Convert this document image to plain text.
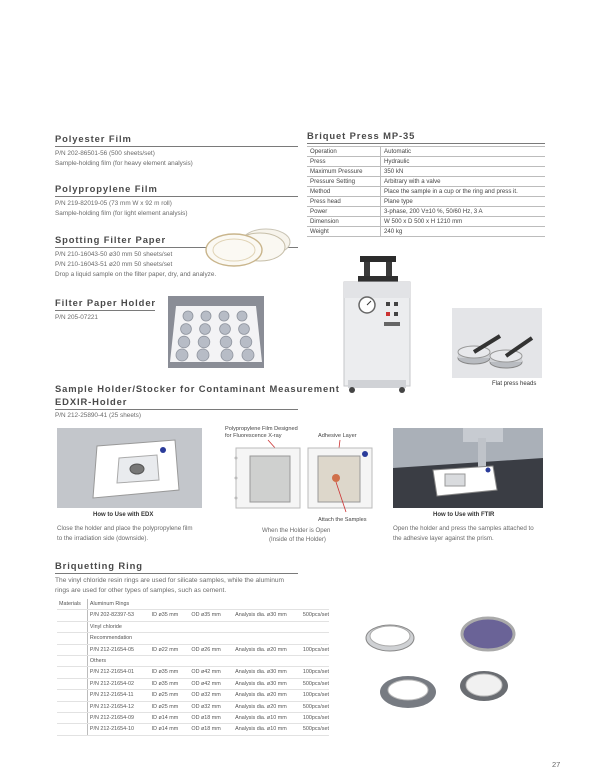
Polyester Film
P/N 202-86501-56 (500 sheets/set)
Sample-holding film (for heavy element analysis)
Polypropylene Film
P/N 219-82019-05 (73 mm W x 92 m roll)
Sample-holding film (for light element analysis)
Spotting Filter Paper
P/N 210-16043-50 ø30 mm 50 sheets/set
P/N 210-16043-51 ø20 mm 50 sheets/set
Drop a liquid sample on the filter paper, dry, and analyze.
Filter Paper Holder
P/N 205-07221
Briquet Press MP-35
Operation	Automatic
Press	Hydraulic
Maximum Pressure	350 kN
Pressure Setting	Arbitrary with a valve
Method	Place the sample in a cup or the ring and press it.
Press head	Plane type
Power	3-phase, 200 V±10 %, 50/60 Hz, 3 A
Dimension	W 500 x D 500 x H 1210 mm
Weight	240 kg
Flat press heads
Sample Holder/Stocker for Contaminant Measurement
EDXIR-Holder
P/N 212-25890-41 (25 sheets)
How to Use with EDX
Close the holder and place the polypropylene film
to the irradiation side (downside).
Polypropylene Film Designed
for Fluorescence X-ray	Adhesive Layer
Attach the Samples
When the Holder is Open
(Inside of the Holder)
How to Use with FTIR
Open the holder and press the samples attached to
the adhesive layer against the prism.
Briquetting Ring
The vinyl chloride resin rings are used for silicate samples, while the aluminum
rings are used for other types of samples, such as cement.
Materials	Aluminum Rings				
	P/N 202-82397-53	ID ø35 mm	OD ø35 mm	Analysis dia. ø30 mm	500pcs/set
	Vinyl chloride				
	Recommendation				
	P/N 212-21654-05	ID ø22 mm	OD ø26 mm	Analysis dia. ø20 mm	100pcs/set
	Others				
	P/N 212-21654-01	ID ø35 mm	OD ø42 mm	Analysis dia. ø30 mm	100pcs/set
	P/N 212-21654-02	ID ø35 mm	OD ø42 mm	Analysis dia. ø30 mm	500pcs/set
	P/N 212-21654-11	ID ø25 mm	OD ø32 mm	Analysis dia. ø20 mm	100pcs/set
	P/N 212-21654-12	ID ø25 mm	OD ø32 mm	Analysis dia. ø20 mm	500pcs/set
	P/N 212-21654-09	ID ø14 mm	OD ø18 mm	Analysis dia. ø10 mm	100pcs/set
	P/N 212-21654-10	ID ø14 mm	OD ø18 mm	Analysis dia. ø10 mm	500pcs/set
27
